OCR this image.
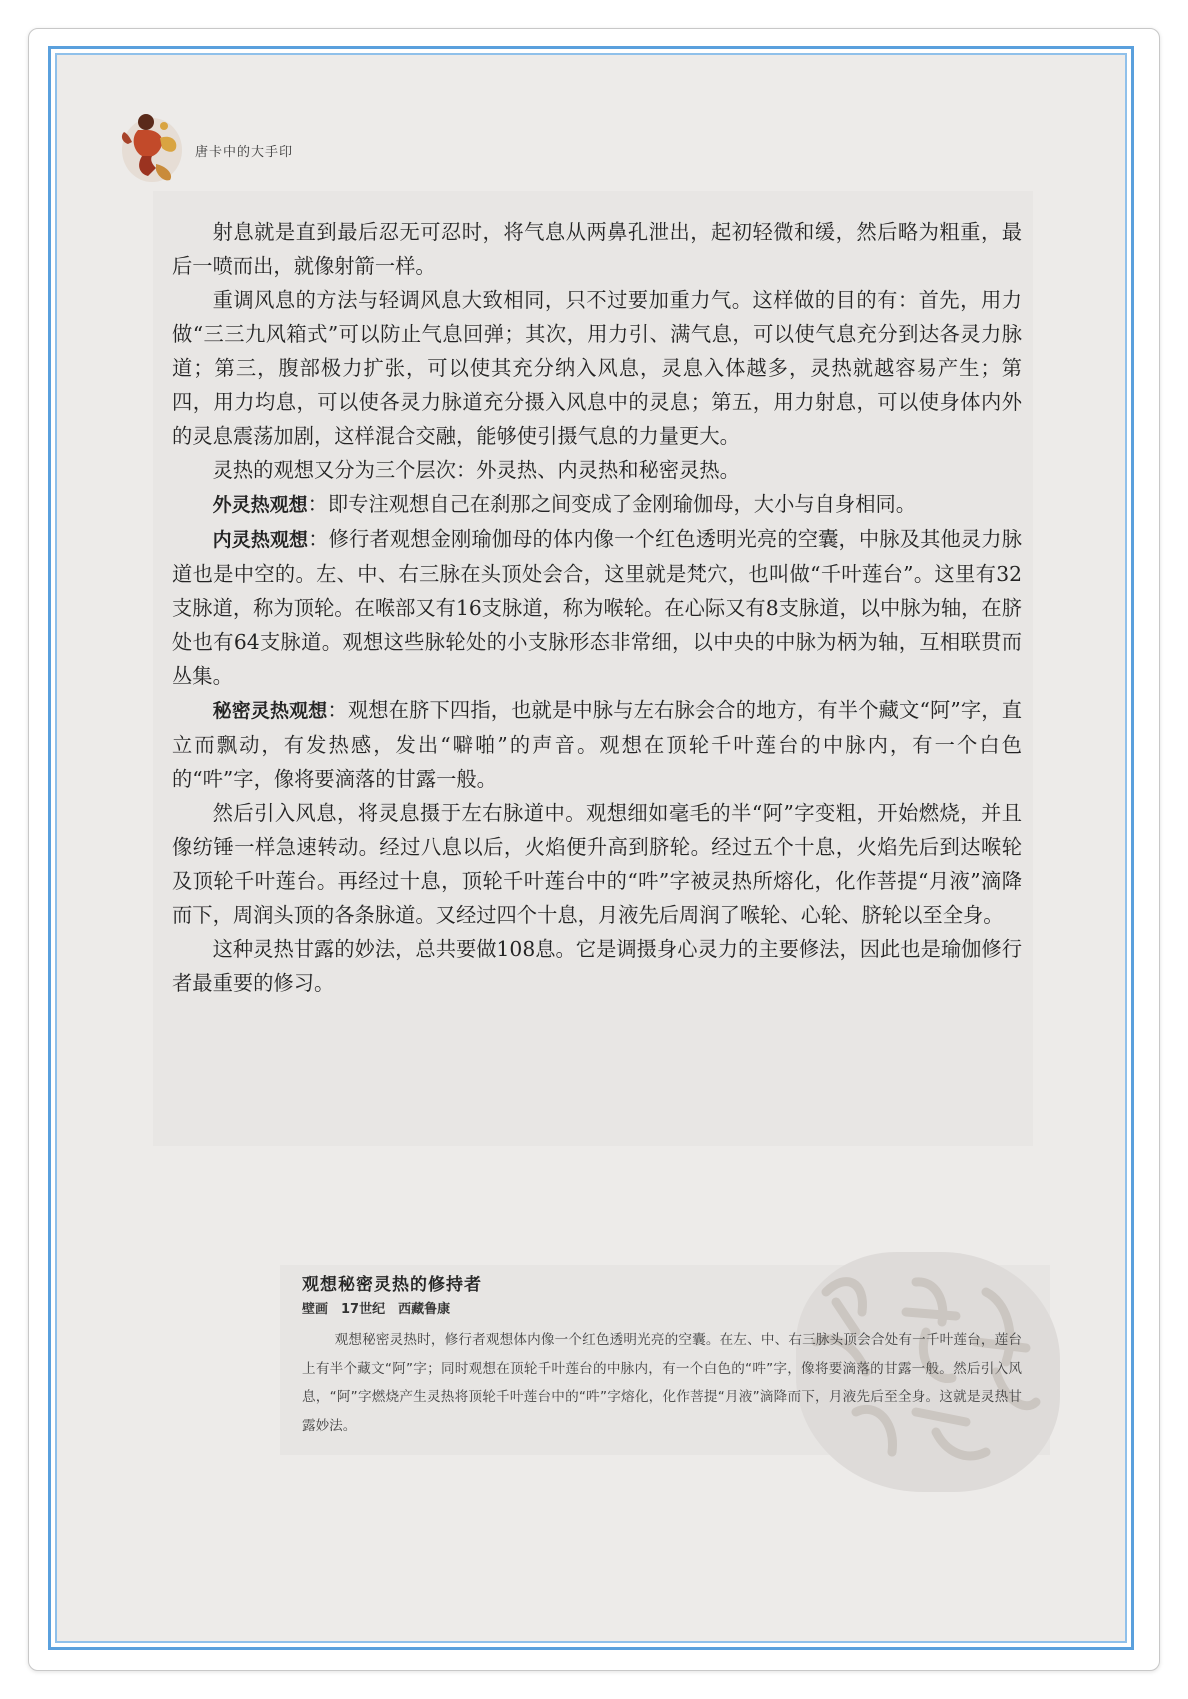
唐卡中的大手印

射息就是直到最后忍无可忍时，将气息从两鼻孔泄出，起初轻微和缓，然后略为粗重，最后一喷而出，就像射箭一样。

重调风息的方法与轻调风息大致相同，只不过要加重力气。这样做的目的有：首先，用力做“三三九风箱式”可以防止气息回弹；其次，用力引、满气息，可以使气息充分到达各灵力脉道；第三，腹部极力扩张，可以使其充分纳入风息，灵息入体越多，灵热就越容易产生；第四，用力均息，可以使各灵力脉道充分摄入风息中的灵息；第五，用力射息，可以使身体内外的灵息震荡加剧，这样混合交融，能够使引摄气息的力量更大。

灵热的观想又分为三个层次：外灵热、内灵热和秘密灵热。

外灵热观想：即专注观想自己在刹那之间变成了金刚瑜伽母，大小与自身相同。

内灵热观想：修行者观想金刚瑜伽母的体内像一个红色透明光亮的空囊，中脉及其他灵力脉道也是中空的。左、中、右三脉在头顶处会合，这里就是梵穴，也叫做“千叶莲台”。这里有32支脉道，称为顶轮。在喉部又有16支脉道，称为喉轮。在心际又有8支脉道，以中脉为轴，在脐处也有64支脉道。观想这些脉轮处的小支脉形态非常细，以中央的中脉为柄为轴，互相联贯而丛集。

秘密灵热观想：观想在脐下四指，也就是中脉与左右脉会合的地方，有半个藏文“阿”字，直立而飘动，有发热感，发出“噼啪”的声音。观想在顶轮千叶莲台的中脉内，有一个白色的“吽”字，像将要滴落的甘露一般。

然后引入风息，将灵息摄于左右脉道中。观想细如毫毛的半“阿”字变粗，开始燃烧，并且像纺锤一样急速转动。经过八息以后，火焰便升高到脐轮。经过五个十息，火焰先后到达喉轮及顶轮千叶莲台。再经过十息，顶轮千叶莲台中的“吽”字被灵热所熔化，化作菩提“月液”滴降而下，周润头顶的各条脉道。又经过四个十息，月液先后周润了喉轮、心轮、脐轮以至全身。

这种灵热甘露的妙法，总共要做108息。它是调摄身心灵力的主要修法，因此也是瑜伽修行者最重要的修习。

观想秘密灵热的修持者
壁画　17世纪　西藏鲁康

观想秘密灵热时，修行者观想体内像一个红色透明光亮的空囊。在左、中、右三脉头顶会合处有一千叶莲台，莲台上有半个藏文“阿”字；同时观想在顶轮千叶莲台的中脉内，有一个白色的“吽”字，像将要滴落的甘露一般。然后引入风息，“阿”字燃烧产生灵热将顶轮千叶莲台中的“吽”字熔化，化作菩提“月液”滴降而下，月液先后至全身。这就是灵热甘露妙法。
